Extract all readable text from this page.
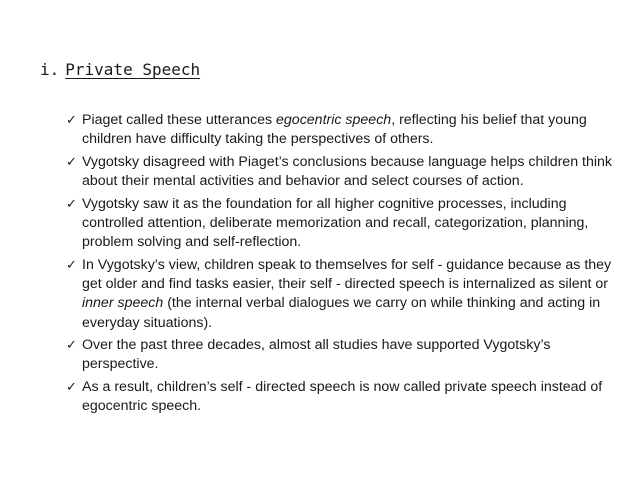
i. Private Speech
✓ Piaget called these utterances egocentric speech, reflecting his belief that young children have difficulty taking the perspectives of others.
✓ Vygotsky disagreed with Piaget’s conclusions because language helps children think about their mental activities and behavior and select courses of action.
✓ Vygotsky saw it as the foundation for all higher cognitive processes, including controlled attention, deliberate memorization and recall, categorization, planning, problem solving and self-reflection.
✓ In Vygotsky’s view, children speak to themselves for self - guidance because as they get older and find tasks easier, their self - directed speech is internalized as silent or inner speech (the internal verbal dialogues we carry on while thinking and acting in everyday situations).
✓ Over the past three decades, almost all studies have supported Vygotsky’s perspective.
✓ As a result, children’s self - directed speech is now called private speech instead of egocentric speech.
